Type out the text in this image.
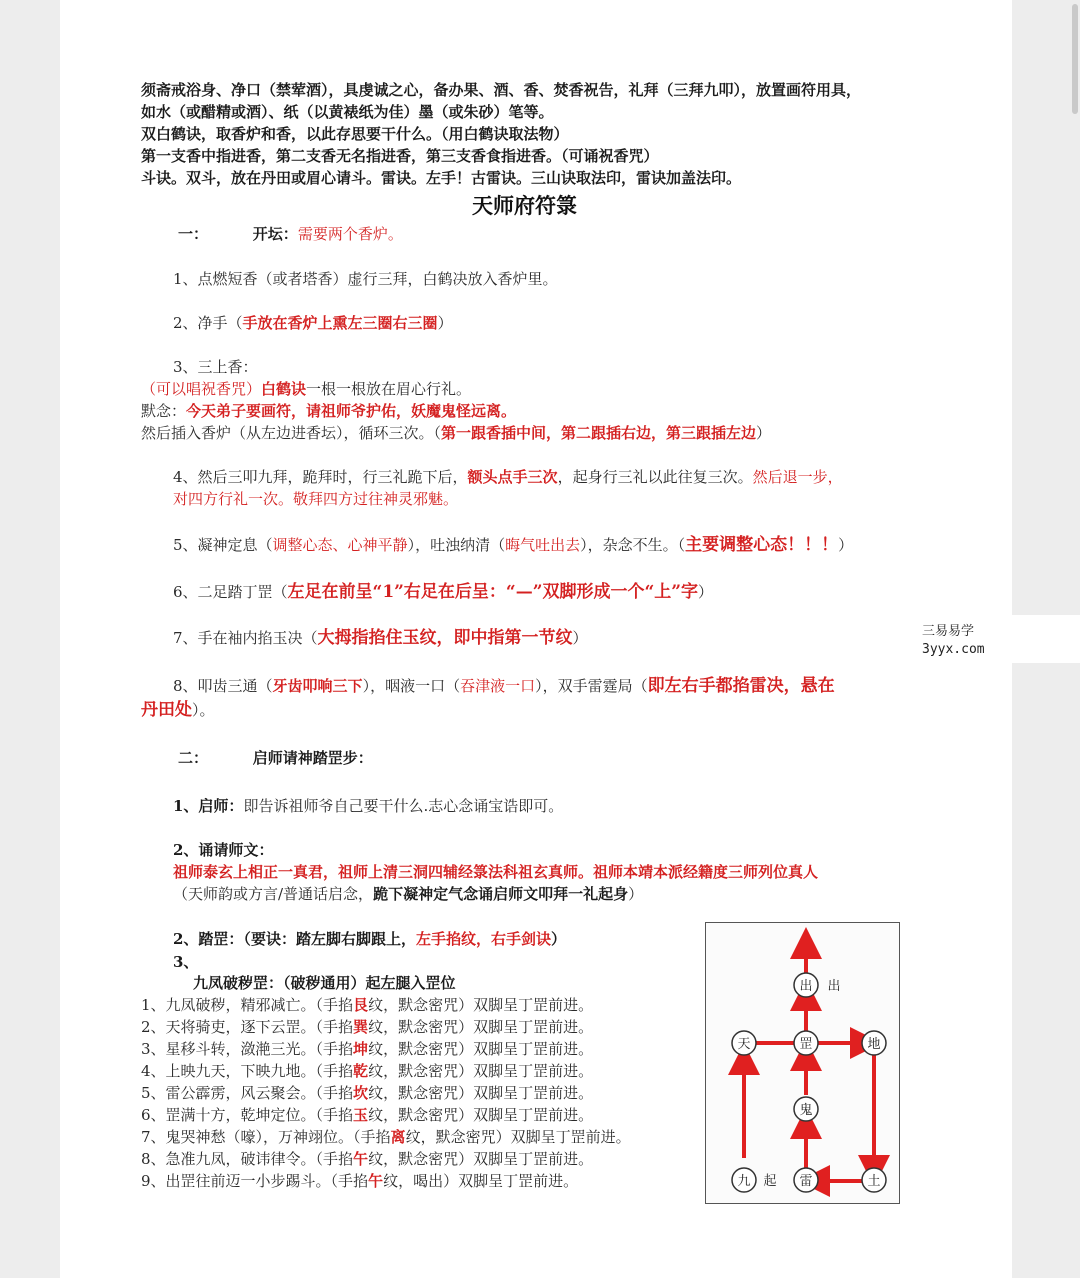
须斋戒浴身、净口（禁荤酒），具虔诚之心，备办果、酒、香、焚香祝告，礼拜（三拜九叩），放置画符用具，
如水（或醋精或酒）、纸（以黄裱纸为佳）墨（或朱砂）笔等。
双白鹤诀，取香炉和香，以此存思要干什么。（用白鹤诀取法物）
第一支香中指进香，第二支香无名指进香，第三支香食指进香。（可诵祝香咒）
斗诀。双斗，放在丹田或眉心请斗。雷诀。左手！古雷诀。三山诀取法印，雷诀加盖法印。
天师府符箓
一：	开坛：需要两个香炉。
1、点燃短香（或者塔香）虚行三拜，白鹤决放入香炉里。
2、净手（手放在香炉上熏左三圈右三圈）
3、三上香：
（可以唱祝香咒）白鹤诀一根一根放在眉心行礼。
默念：今天弟子要画符，请祖师爷护佑，妖魔鬼怪远离。
然后插入香炉（从左边进香坛），循环三次。（第一跟香插中间，第二跟插右边，第三跟插左边）
4、然后三叩九拜，跪拜时，行三礼跪下后，额头点手三次，起身行三礼以此往复三次。然后退一步，
对四方行礼一次。敬拜四方过往神灵邪魅。
5、凝神定息（调整心态、心神平静），吐浊纳清（晦气吐出去），杂念不生。（主要调整心态！！！）
6、二足踏丁罡（左足在前呈“1”右足在后呈：“—”双脚形成一个“上”字）
7、手在袖内掐玉决（大拇指掐住玉纹，即中指第一节纹）
8、叩齿三通（牙齿叩响三下），咽液一口（吞津液一口），双手雷霆局（即左右手都掐雷决，悬在
丹田处）。
二：	启师请神踏罡步：
1、启师：即告诉祖师爷自己要干什么.志心念诵宝诰即可。
2、诵请师文：
祖师泰玄上相正一真君，祖师上清三洞四辅经箓法科祖玄真师。祖师本靖本派经籍度三师列位真人
（天师韵或方言/普通话启念，跪下凝神定气念诵启师文叩拜一礼起身）
2、踏罡：（要诀：踏左脚右脚跟上，左手掐纹，右手剑诀）
3、
九凤破秽罡：（破秽通用）起左腿入罡位
1、九凤破秽，精邪减亡。（手掐艮纹，默念密咒）双脚呈丁罡前进。
2、天将骑吏，逐下云罡。（手掐巽纹，默念密咒）双脚呈丁罡前进。
3、星移斗转，潋滟三光。（手掐坤纹，默念密咒）双脚呈丁罡前进。
4、上映九天，下映九地。（手掐乾纹，默念密咒）双脚呈丁罡前进。
5、雷公霹雳，风云聚会。（手掐坎纹，默念密咒）双脚呈丁罡前进。
6、罡满十方，乾坤定位。（手掐玉纹，默念密咒）双脚呈丁罡前进。
7、鬼哭神愁（嚎），万神翊位。（手掐离纹，默念密咒）双脚呈丁罡前进。
8、急准九凤，破讳律令。（手掐午纹，默念密咒）双脚呈丁罡前进。
9、出罡往前迈一小步踢斗。（手掐午纹，喝出）双脚呈丁罡前进。	九	雷	土
鬼
天	罡	地
出
起
出
三易易学
3yyx.com
